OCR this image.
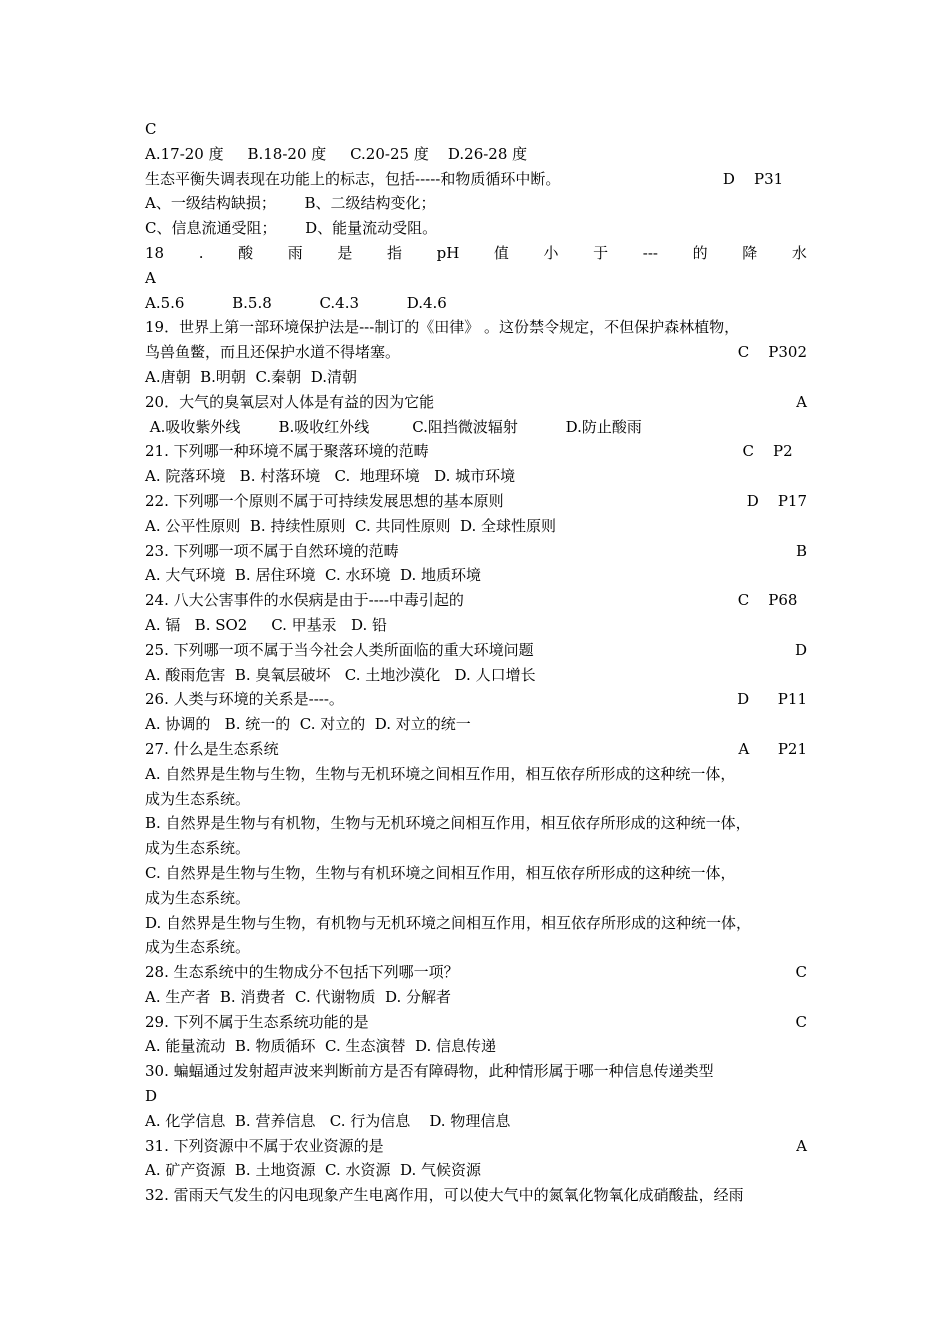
C
A.17-20 度     B.18-20 度     C.20-25 度    D.26-28 度
生态平衡失调表现在功能上的标志，包括-----和物质循环中断。	D    P31
A、一级结构缺损；      B、二级结构变化；
C、信息流通受阻；      D、能量流动受阻。
18 . 酸 雨 是 指 pH 值 小 于 --- 的 降 水
A
A.5.6          B.5.8          C.4.3          D.4.6
19．世界上第一部环境保护法是---制订的《田律》 。这份禁令规定，不但保护森林植物，
鸟兽鱼鳖，而且还保护水道不得堵塞。	C    P302
A.唐朝  B.明朝  C.秦朝  D.清朝
20．大气的臭氧层对人体是有益的因为它能	A
A.吸收紫外线        B.吸收红外线         C.阻挡微波辐射          D.防止酸雨
21. 下列哪一种环境不属于聚落环境的范畴	C    P2
A. 院落环境   B. 村落环境   C.  地理环境   D. 城市环境
22. 下列哪一个原则不属于可持续发展思想的基本原则	D    P17
A. 公平性原则  B. 持续性原则  C. 共同性原则  D. 全球性原则
23. 下列哪一项不属于自然环境的范畴	B
A. 大气环境  B. 居住环境  C. 水环境  D. 地质环境
24. 八大公害事件的水俣病是由于----中毒引起的	C    P68
A. 镉   B. SO2     C. 甲基汞   D. 铅
25. 下列哪一项不属于当今社会人类所面临的重大环境问题	D
A. 酸雨危害  B. 臭氧层破坏   C. 土地沙漠化   D. 人口增长
26. 人类与环境的关系是----。	D      P11
A. 协调的   B. 统一的  C. 对立的  D. 对立的统一
27. 什么是生态系统	A      P21
A. 自然界是生物与生物，生物与无机环境之间相互作用，相互依存所形成的这种统一体，
成为生态系统。
B. 自然界是生物与有机物，生物与无机环境之间相互作用，相互依存所形成的这种统一体，
成为生态系统。
C. 自然界是生物与生物，生物与有机环境之间相互作用，相互依存所形成的这种统一体，
成为生态系统。
D. 自然界是生物与生物，有机物与无机环境之间相互作用，相互依存所形成的这种统一体，
成为生态系统。
28. 生态系统中的生物成分不包括下列哪一项？	C
A. 生产者  B. 消费者  C. 代谢物质  D. 分解者
29. 下列不属于生态系统功能的是	C
A. 能量流动  B. 物质循环  C. 生态演替  D. 信息传递
30. 蝙蝠通过发射超声波来判断前方是否有障碍物，此种情形属于哪一种信息传递类型
D
A. 化学信息  B. 营养信息   C. 行为信息    D. 物理信息
31. 下列资源中不属于农业资源的是	A
A. 矿产资源  B. 土地资源  C. 水资源  D. 气候资源
32. 雷雨天气发生的闪电现象产生电离作用，可以使大气中的氮氧化物氧化成硝酸盐，经雨
